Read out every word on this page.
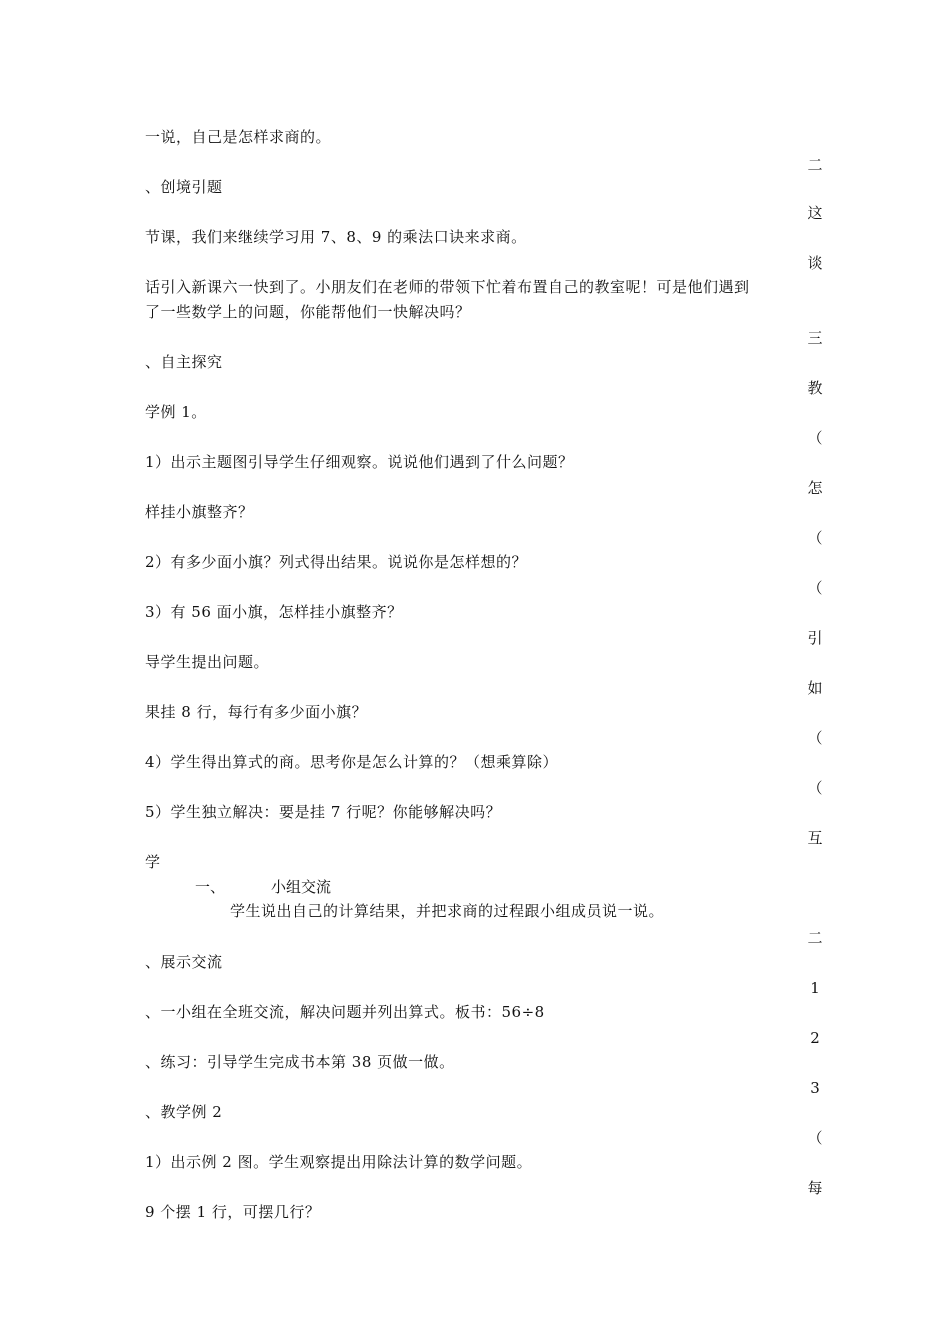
一说，自己是怎样求商的。
、创境引题
节课，我们来继续学习用 7、8、9 的乘法口诀来求商。
话引入新课六一快到了。小朋友们在老师的带领下忙着布置自己的教室呢！可是他们遇到
了一些数学上的问题，你能帮他们一快解决吗？
、自主探究
学例 1。
1）出示主题图引导学生仔细观察。说说他们遇到了什么问题？
样挂小旗整齐？
2）有多少面小旗？列式得出结果。说说你是怎样想的？
3）有 56 面小旗，怎样挂小旗整齐？
导学生提出问题。
果挂 8 行，每行有多少面小旗？
4）学生得出算式的商。思考你是怎么计算的？（想乘算除）
5）学生独立解决：要是挂 7 行呢？你能够解决吗？
学
一、	小组交流
学生说出自己的计算结果，并把求商的过程跟小组成员说一说。
、展示交流
、一小组在全班交流，解决问题并列出算式。板书：56÷8
、练习：引导学生完成书本第 38 页做一做。
、教学例 2
1）出示例 2 图。学生观察提出用除法计算的数学问题。
9 个摆 1 行，可摆几行？
二
这
谈
三
教
（
怎
（
（
引
如
（
（
互
二
1
2
3
（
每
